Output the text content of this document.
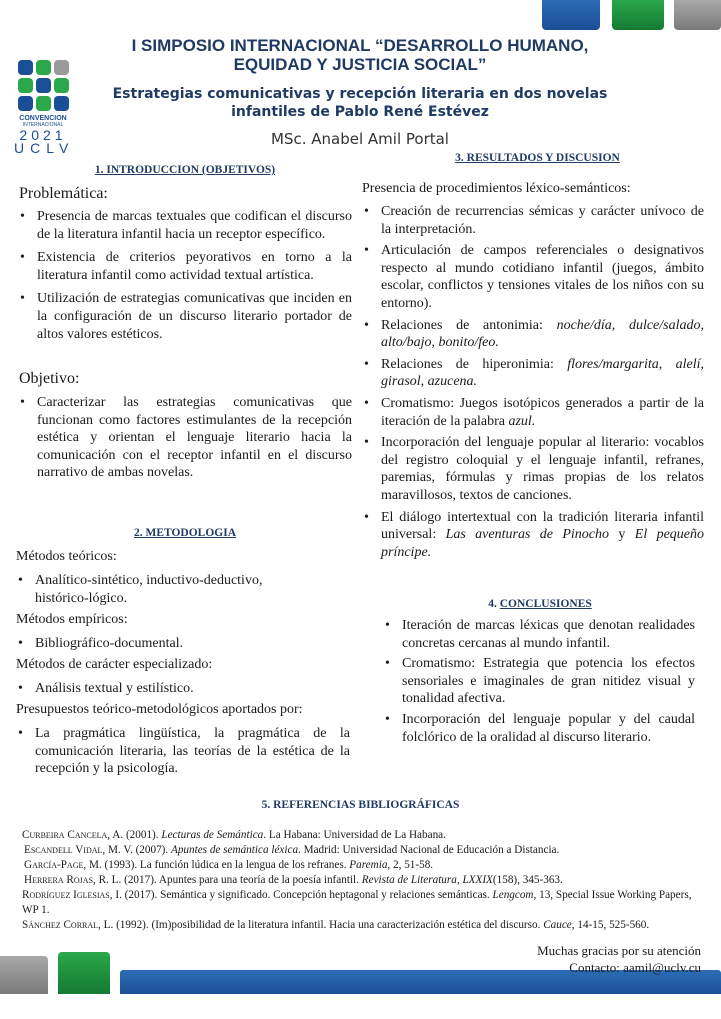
CONVENCION
INTERNACIONAL
2021
UCLV
I SIMPOSIO INTERNACIONAL “DESARROLLO HUMANO,
EQUIDAD Y JUSTICIA SOCIAL”
Estrategias comunicativas y recepción literaria en dos novelas
infantiles de Pablo René Estévez
MSc. Anabel Amil Portal
1. INTRODUCCION (OBJETIVOS)
Problemática:
• Presencia de marcas textuales que codifican el discurso de la literatura infantil hacia un receptor específico.
• Existencia de criterios peyorativos en torno a la literatura infantil como actividad textual artística.
• Utilización de estrategias comunicativas que inciden en la configuración de un discurso literario portador de altos valores estéticos.
Objetivo:
• Caracterizar las estrategias comunicativas que funcionan como factores estimulantes de la recepción estética y orientan el lenguaje literario hacia la comunicación con el receptor infantil en el discurso narrativo de ambas novelas.
2. METODOLOGIA
Métodos teóricos:
• Analítico-sintético, inductivo-deductivo, histórico-lógico.
Métodos empíricos:
• Bibliográfico-documental.
Métodos de carácter especializado:
• Análisis textual y estilístico.
Presupuestos teórico-metodológicos aportados por:
• La pragmática lingüística, la pragmática de la comunicación literaria, las teorías de la estética de la recepción y la psicología.
3. RESULTADOS Y DISCUSION
Presencia de procedimientos léxico-semánticos:
• Creación de recurrencias sémicas y carácter unívoco de la interpretación.
• Articulación de campos referenciales o designativos respecto al mundo cotidiano infantil (juegos, ámbito escolar, conflictos y tensiones vitales de los niños con su entorno).
• Relaciones de antonimia: noche/día, dulce/salado, alto/bajo, bonito/feo.
• Relaciones de hiperonimia: flores/margarita, alelí, girasol, azucena.
• Cromatismo: Juegos isotópicos generados a partir de la iteración de la palabra azul.
• Incorporación del lenguaje popular al literario: vocablos del registro coloquial y el lenguaje infantil, refranes, paremias, fórmulas y rimas propias de los relatos maravillosos, textos de canciones.
• El diálogo intertextual con la tradición literaria infantil universal: Las aventuras de Pinocho y El pequeño príncipe.
4. CONCLUSIONES
• Iteración de marcas léxicas que denotan realidades concretas cercanas al mundo infantil.
• Cromatismo: Estrategia que potencia los efectos sensoriales e imaginales de gran nitidez visual y tonalidad afectiva.
• Incorporación del lenguaje popular y del caudal folclórico de la oralidad al discurso literario.
5. REFERENCIAS BIBLIOGRÁFICAS
Curbeira Cancela, A. (2001). Lecturas de Semántica. La Habana: Universidad de La Habana.
Escandell Vidal, M. V. (2007). Apuntes de semántica léxica. Madrid: Universidad Nacional de Educación a Distancia.
García-Page, M. (1993). La función lúdica en la lengua de los refranes. Paremia, 2, 51-58.
Herrera Rojas, R. L. (2017). Apuntes para una teoría de la poesía infantil. Revista de Literatura, LXXIX(158), 345-363.
Rodríguez Iglesias, I. (2017). Semántica y significado. Concepción heptagonal y relaciones semánticas. Lengcom, 13, Special Issue Working Papers, WP 1.
Sánchez Corral, L. (1992). (Im)posibilidad de la literatura infantil. Hacia una caracterización estética del discurso. Cauce, 14-15, 525-560.
Muchas gracias por su atención
Contacto: aamil@uclv.cu
